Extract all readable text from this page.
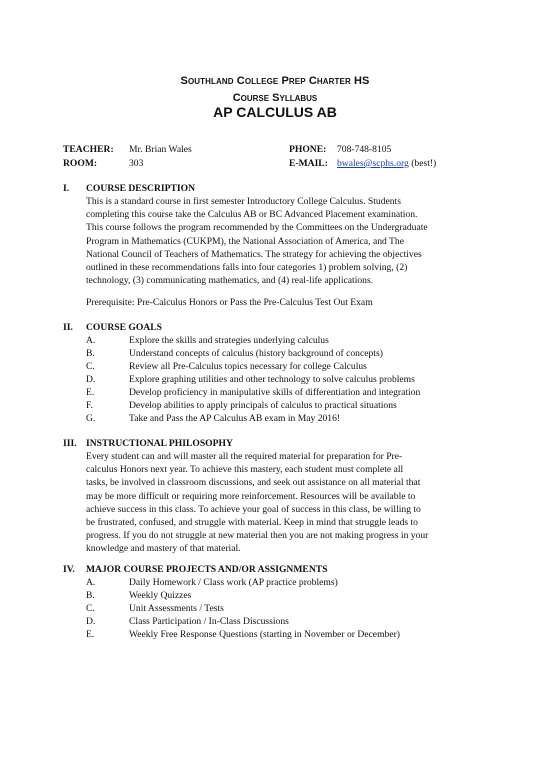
Southland College Prep Charter HS
Course Syllabus
AP CALCULUS AB
TEACHER: Mr. Brian Wales	PHONE: 708-748-8105
ROOM:	303	E-MAIL: bwales@scphs.org (best!)
I. COURSE DESCRIPTION
This is a standard course in first semester Introductory College Calculus. Students
completing this course take the Calculus AB or BC Advanced Placement examination.
This course follows the program recommended by the Committees on the Undergraduate
Program in Mathematics (CUKPM), the National Association of America, and The
National Council of Teachers of Mathematics. The strategy for achieving the objectives
outlined in these recommendations falls into four categories 1) problem solving, (2)
technology, (3) communicating mathematics, and (4) real-life applications.
Prerequisite: Pre-Calculus Honors or Pass the Pre-Calculus Test Out Exam
II. COURSE GOALS
A.	Explore the skills and strategies underlying calculus
B.	Understand concepts of calculus (history background of concepts)
C.	Review all Pre-Calculus topics necessary for college Calculus
D.	Explore graphing utilities and other technology to solve calculus problems
E.	Develop proficiency in manipulative skills of differentiation and integration
F.	Develop abilities to apply principals of calculus to practical situations
G.	Take and Pass the AP Calculus AB exam in May 2016!
III. INSTRUCTIONAL PHILOSOPHY
Every student can and will master all the required material for preparation for Pre-
calculus Honors next year. To achieve this mastery, each student must complete all
tasks, be involved in classroom discussions, and seek out assistance on all material that
may be more difficult or requiring more reinforcement. Resources will be available to
achieve success in this class. To achieve your goal of success in this class, be willing to
be frustrated, confused, and struggle with material. Keep in mind that struggle leads to
progress. If you do not struggle at new material then you are not making progress in your
knowledge and mastery of that material.
IV. MAJOR COURSE PROJECTS AND/OR ASSIGNMENTS
A.	Daily Homework / Class work (AP practice problems)
B.	Weekly Quizzes
C.	Unit Assessments / Tests
D.	Class Participation / In-Class Discussions
E.	Weekly Free Response Questions (starting in November or December)
